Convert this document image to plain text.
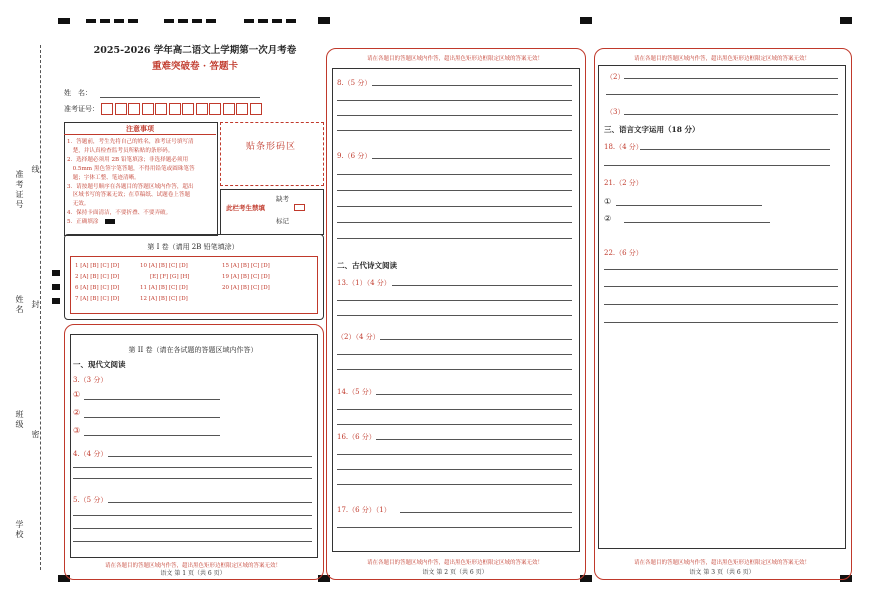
准考证号 线
姓名 封
班级
密
学校
2025-2026 学年高二语文上学期第一次月考卷
重难突破卷 · 答题卡
姓　名：
准考证号：
注意事项
1．答题前，考生先将自己的姓名，准考证号填写清
　楚，并认真检查监考员所粘贴的条形码。
2．选择题必须用 2B 铅笔填涂；非选择题必须用
　0.5mm 黑色签字笔答题，不得用铅笔或圆珠笔答
　题；字体工整、笔迹清晰。
3．请按题号顺序在各题目的答题区域内作答，超出
　区域书写的答案无效；在草稿纸、试题卷上答题
　无效。
4．保持卡面清洁，不要折叠、不要弄破。
5．正确填涂
贴条形码区
此栏考生禁填
缺考
标记
第 I 卷（请用 2B 铅笔填涂）
1 [A] [B] [C] [D]	10 [A] [B] [C] [D]	15 [A] [B] [C] [D]
2 [A] [B] [C] [D]	[E] [F] [G] [H]	19 [A] [B] [C] [D]
6 [A] [B] [C] [D]	11 [A] [B] [C] [D]	20 [A] [B] [C] [D]
7 [A] [B] [C] [D]	12 [A] [B] [C] [D]
第 II 卷（请在各试题的答题区域内作答）
一、现代文阅读
3.（3 分）
①
②
③
4.（4 分）
5.（5 分）
请在各题目的答题区域内作答，超出黑色矩形边框限定区域的答案无效！
语文 第 1 页（共 6 页）
请在各题目的答题区域内作答，超出黑色矩形边框限定区域的答案无效！
8.（5 分）
9.（6 分）
二、古代诗文阅读
13.（1）（4 分）
（2）（4 分）
14.（5 分）
16.（6 分）
17.（6 分）（1）
请在各题目的答题区域内作答，超出黑色矩形边框限定区域的答案无效！
语文 第 2 页（共 6 页）
请在各题目的答题区域内作答，超出黑色矩形边框限定区域的答案无效！
（2）
（3）
三、语言文字运用（18 分）
18.（4 分）
21.（2 分）
①
②
22.（6 分）
请在各题目的答题区域内作答，超出黑色矩形边框限定区域的答案无效！
语文 第 3 页（共 6 页）
